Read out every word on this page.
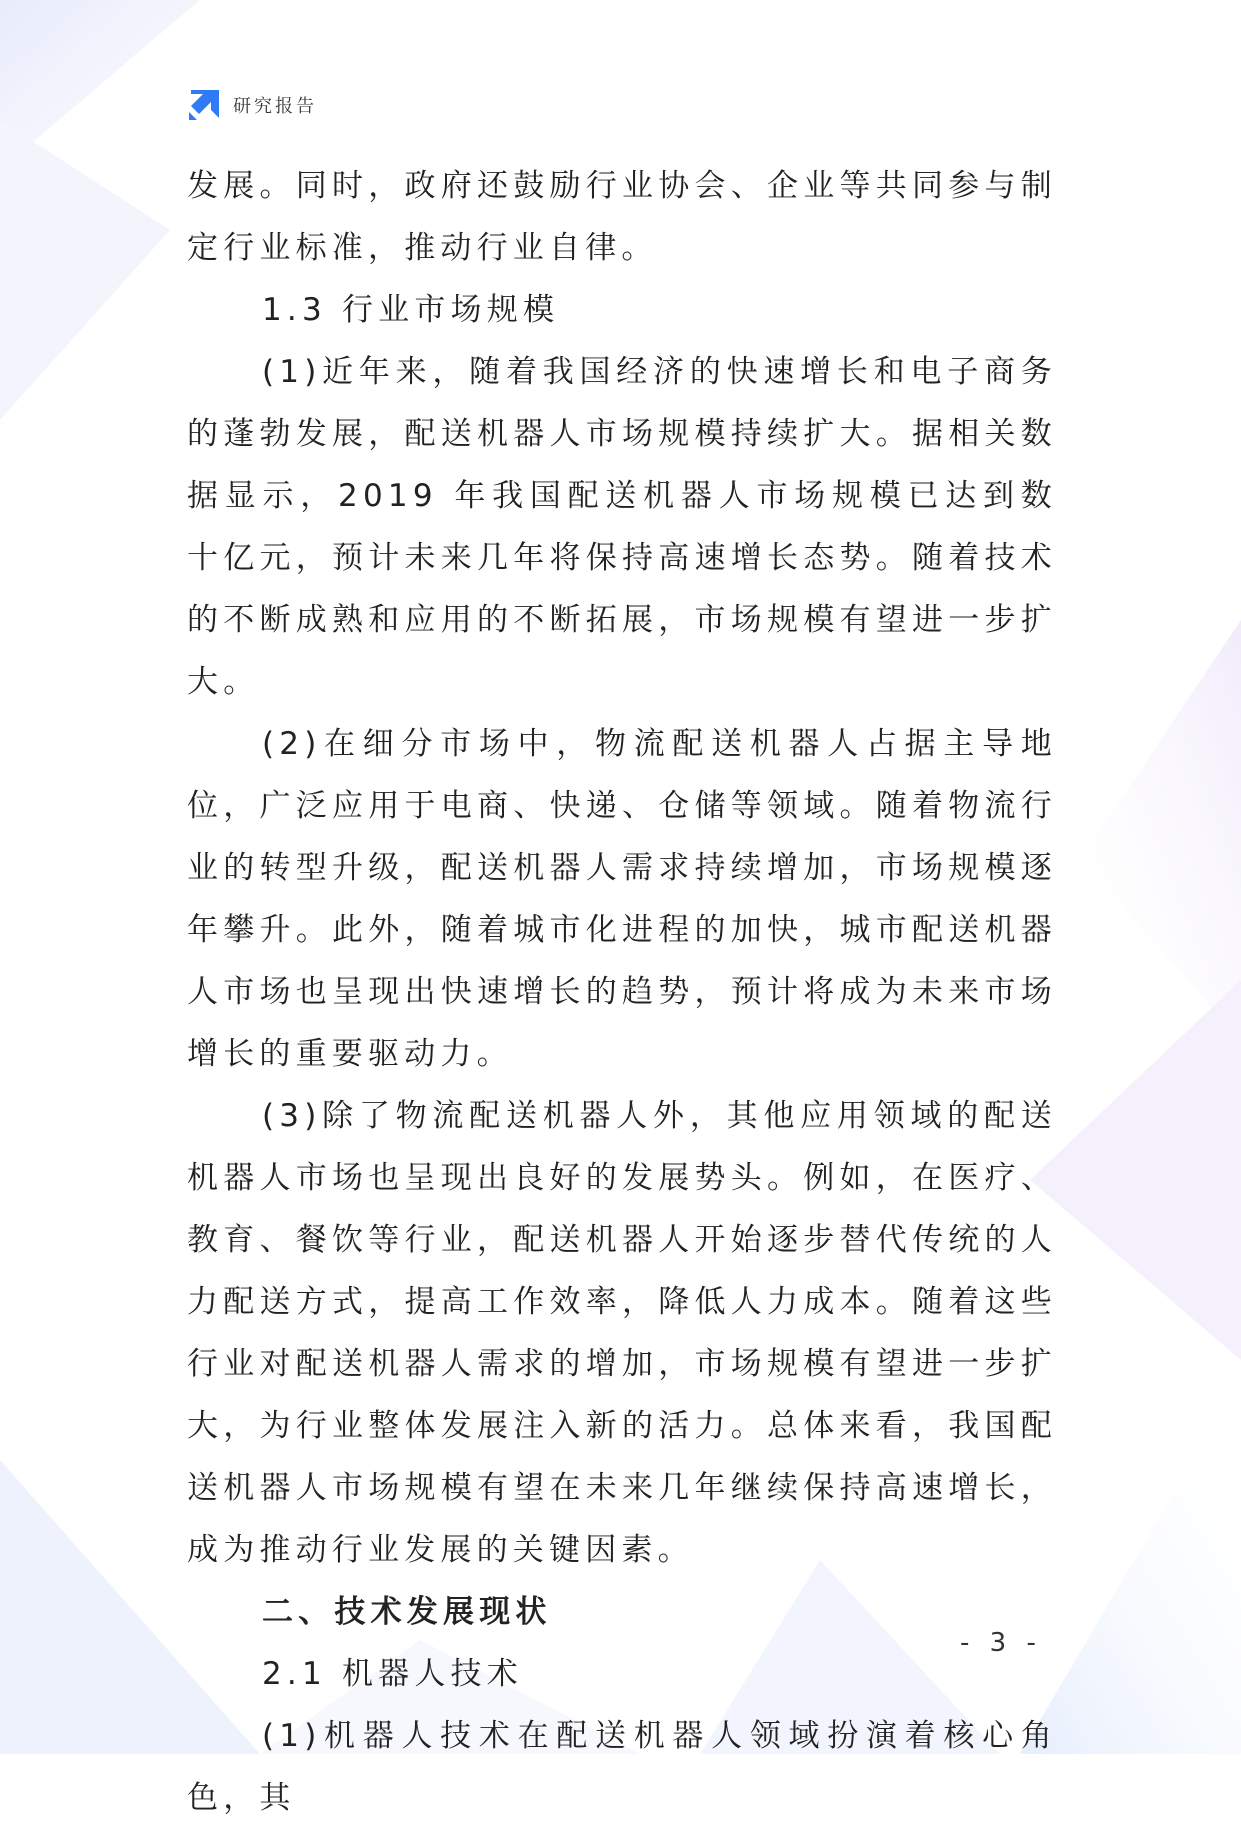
研究报告

发展。同时，政府还鼓励行业协会、企业等共同参与制定行业标准，推动行业自律。

1.3 行业市场规模

(1)近年来，随着我国经济的快速增长和电子商务的蓬勃发展，配送机器人市场规模持续扩大。据相关数据显示，2019 年我国配送机器人市场规模已达到数十亿元，预计未来几年将保持高速增长态势。随着技术的不断成熟和应用的不断拓展，市场规模有望进一步扩大。

(2)在细分市场中，物流配送机器人占据主导地位，广泛应用于电商、快递、仓储等领域。随着物流行业的转型升级，配送机器人需求持续增加，市场规模逐年攀升。此外，随着城市化进程的加快，城市配送机器人市场也呈现出快速增长的趋势，预计将成为未来市场增长的重要驱动力。

(3)除了物流配送机器人外，其他应用领域的配送机器人市场也呈现出良好的发展势头。例如，在医疗、教育、餐饮等行业，配送机器人开始逐步替代传统的人力配送方式，提高工作效率，降低人力成本。随着这些行业对配送机器人需求的增加，市场规模有望进一步扩大，为行业整体发展注入新的活力。总体来看，我国配送机器人市场规模有望在未来几年继续保持高速增长，成为推动行业发展的关键因素。

二、技术发展现状

2.1 机器人技术

(1)机器人技术在配送机器人领域扮演着核心角色，其

- 3 -
